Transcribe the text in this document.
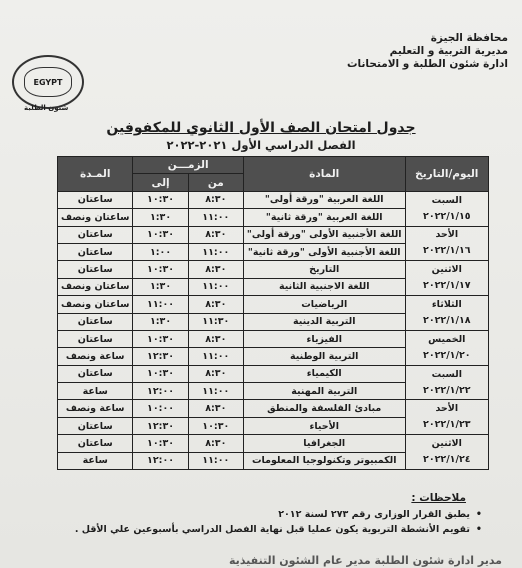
محافظة الجيزة
مديرية التربية و التعليم
ادارة شئون الطلبة و الامتحانات
EGYPT
شئون الطلبة
جدول امتحان الصف الأول الثانوي للمكفوفين
الفصل الدراسي الأول ٢٠٢١-٢٠٢٢
اليوم/التاريخ	المادة	الزمـــن		المـدة
		من	إلى	

السبت
٢٠٢٢/١/١٥	اللغة العربية "ورقة أولى"	٨:٣٠	١٠:٣٠	ساعتان
	اللغة العربية "ورقة ثانية"	١١:٠٠	١:٣٠	ساعتان ونصف

الأحد
٢٠٢٢/١/١٦	اللغة الأجنبية الأولى "ورقة أولى"	٨:٣٠	١٠:٣٠	ساعتان
	اللغة الأجنبية الأولى "ورقة ثانية"	١١:٠٠	١:٠٠	ساعتان

الاثنين
٢٠٢٢/١/١٧	التاريخ	٨:٣٠	١٠:٣٠	ساعتان
	اللغة الاجنبية الثانية	١١:٠٠	١:٣٠	ساعتان ونصف

الثلاثاء
٢٠٢٢/١/١٨	الرياضيات	٨:٣٠	١١:٠٠	ساعتان ونصف
	التربية الدينية	١١:٣٠	١:٣٠	ساعتان

الخميس
٢٠٢٢/١/٢٠	الفيزياء	٨:٣٠	١٠:٣٠	ساعتان
	التربية الوطنية	١١:٠٠	١٢:٣٠	ساعة ونصف

السبت
٢٠٢٢/١/٢٢	الكيمياء	٨:٣٠	١٠:٣٠	ساعتان
	التربية المهنية	١١:٠٠	١٢:٠٠	ساعة

الأحد
٢٠٢٢/١/٢٣	مبادئ الفلسفة والمنطق	٨:٣٠	١٠:٠٠	ساعة ونصف
	الأحياء	١٠:٣٠	١٢:٣٠	ساعتان

الاثنين
٢٠٢٢/١/٢٤	الجغرافيا	٨:٣٠	١٠:٣٠	ساعتان
	الكمبيوتر وتكنولوجيا المعلومات	١١:٠٠	١٢:٠٠	ساعة
ملاحظات :
•يطبق القرار الوزارى رقم ٢٧٣ لسنة ٢٠١٢
•تقويم الأنشطة التربوية يكون عمليا قبل نهاية الفصل الدراسي بأسبوعين علي الأقل .
مدير ادارة شئون الطلبة مدير عام الشئون التنفيذية
